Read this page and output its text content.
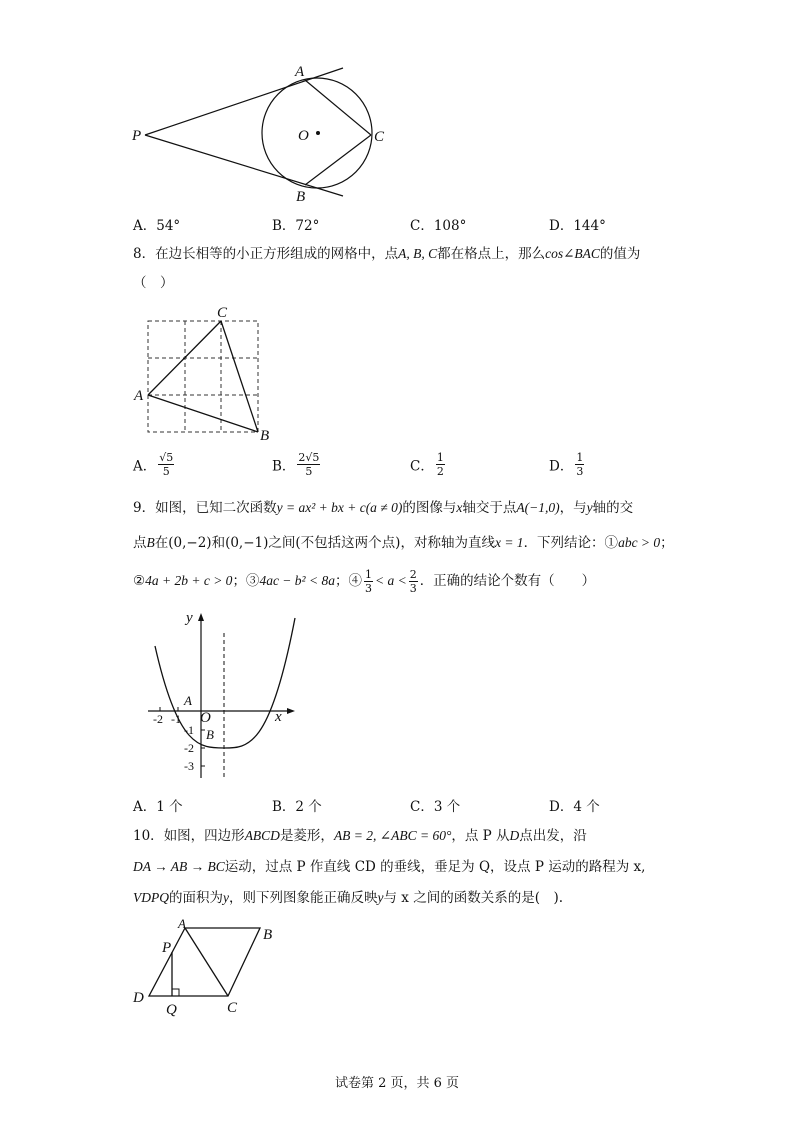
A
B
C
O
P
A．54°	B．72°	C．108°	D．144°
8．在边长相等的小正方形组成的网格中，点A, B, C都在格点上，那么cos∠BAC的值为
（　）
A
B
C
A． $\frac{√5}{5}$	B． $\frac{2√5}{5}$	C． $\frac{1}{2}$	D． $\frac{1}{3}$
9．如图，已知二次函数y = ax² + bx + c(a ≠ 0)的图像与x轴交于点A(−1,0)，与y轴的交
点B在(0,−2)和(0,−1)之间(不包括这两个点)，对称轴为直线x = 1．下列结论：①abc > 0；
②4a + 2b + c > 0；③4ac − b² < 8a；④ $\frac{1}{3} < a < \frac{2}{3}$ ．正确的结论个数有（　　）
y
x
O
A
B
-2 -1
-1
-2
-3
A．1 个	B．2 个	C．3 个	D．4 个
10．如图，四边形ABCD是菱形，AB = 2, ∠ABC = 60°，点 P 从D点出发，沿
DA → AB → BC运动，过点 P 作直线 CD 的垂线，垂足为 Q，设点 P 运动的路程为 x,
VDPQ的面积为y，则下列图象能正确反映y与 x 之间的函数关系的是(　).
A
B
C
D
P
Q
试卷第 2 页，共 6 页
